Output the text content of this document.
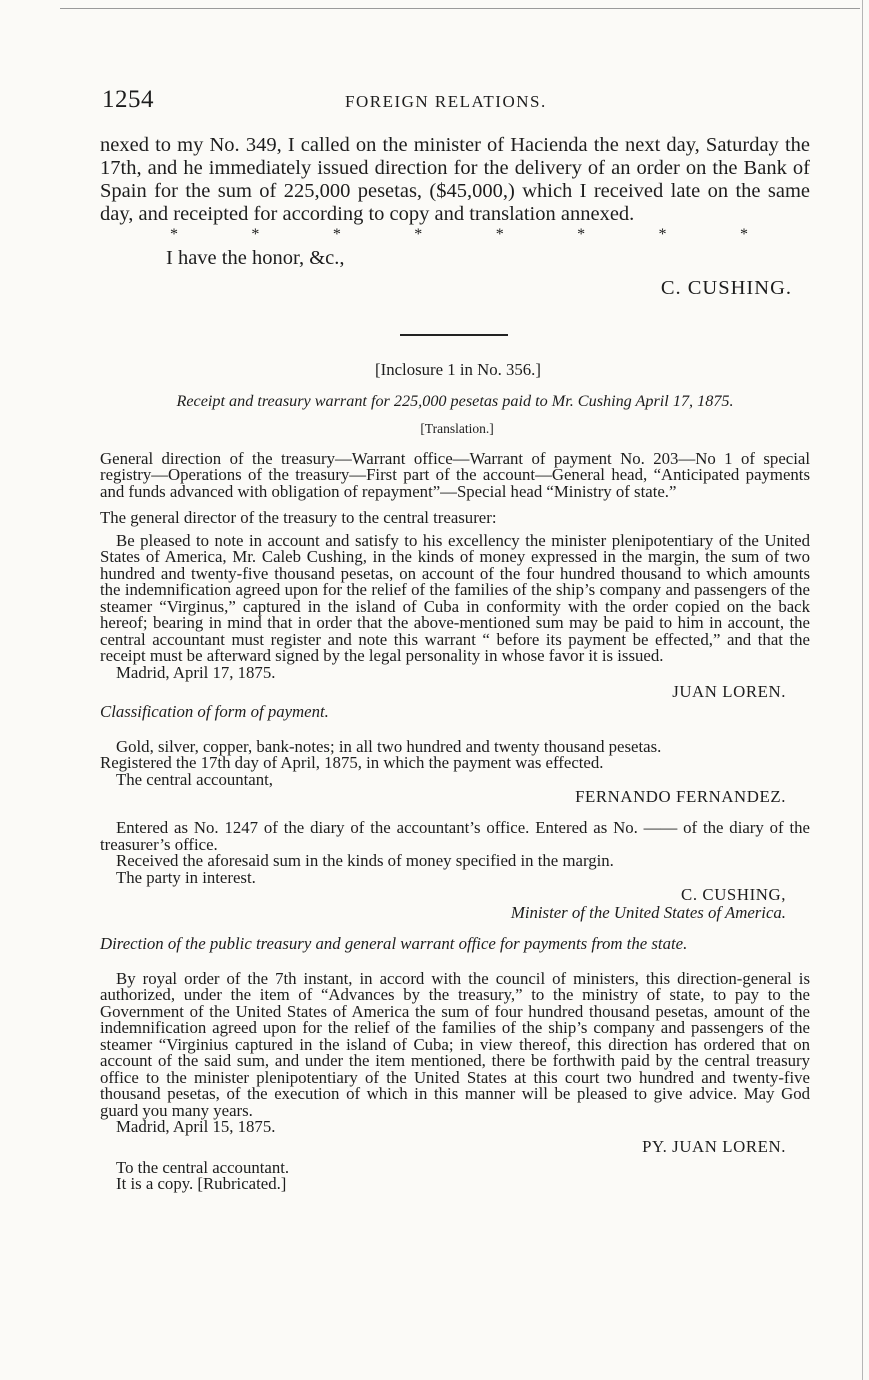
1254	FOREIGN RELATIONS.

nexed to my No. 349, I called on the minister of Hacienda the next day, Saturday the 17th, and he immediately issued direction for the delivery of an order on the Bank of Spain for the sum of 225,000 pesetas, ($45,000,) which I received late on the same day, and receipted for according to copy and translation annexed.

*	*	*	*	*	*	*	*

I have the honor, &c.,

C. CUSHING.

[Inclosure 1 in No. 356.]

Receipt and treasury warrant for 225,000 pesetas paid to Mr. Cushing April 17, 1875.

[Translation.]

General direction of the treasury—Warrant office—Warrant of payment No. 203—No 1 of special registry—Operations of the treasury—First part of the account—General head, “Anticipated payments and funds advanced with obligation of repayment”—Special head “Ministry of state.”

The general director of the treasury to the central treasurer:

Be pleased to note in account and satisfy to his excellency the minister plenipotentiary of the United States of America, Mr. Caleb Cushing, in the kinds of money expressed in the margin, the sum of two hundred and twenty-five thousand pesetas, on account of the four hundred thousand to which amounts the indemnification agreed upon for the relief of the families of the ship’s company and passengers of the steamer “Virginus,” captured in the island of Cuba in conformity with the order copied on the back hereof; bearing in mind that in order that the above-mentioned sum may be paid to him in account, the central accountant must register and note this warrant “ before its payment be effected,” and that the receipt must be afterward signed by the legal personality in whose favor it is issued.

Madrid, April 17, 1875.

JUAN LOREN.

Classification of form of payment.

Gold, silver, copper, bank-notes; in all two hundred and twenty thousand pesetas.

Registered the 17th day of April, 1875, in which the payment was effected.

The central accountant,

FERNANDO FERNANDEZ.

Entered as No. 1247 of the diary of the accountant’s office. Entered as No. —— of the diary of the treasurer’s office.

Received the aforesaid sum in the kinds of money specified in the margin.

The party in interest.

C. CUSHING,

Minister of the United States of America.

Direction of the public treasury and general warrant office for payments from the state.

By royal order of the 7th instant, in accord with the council of ministers, this direction-general is authorized, under the item of “Advances by the treasury,” to the ministry of state, to pay to the Government of the United States of America the sum of four hundred thousand pesetas, amount of the indemnification agreed upon for the relief of the families of the ship’s company and passengers of the steamer “Virginius captured in the island of Cuba; in view thereof, this direction has ordered that on account of the said sum, and under the item mentioned, there be forthwith paid by the central treasury office to the minister plenipotentiary of the United States at this court two hundred and twenty-five thousand pesetas, of the execution of which in this manner will be pleased to give advice. May God guard you many years.

Madrid, April 15, 1875.

PY. JUAN LOREN.

To the central accountant.

It is a copy. [Rubricated.]
